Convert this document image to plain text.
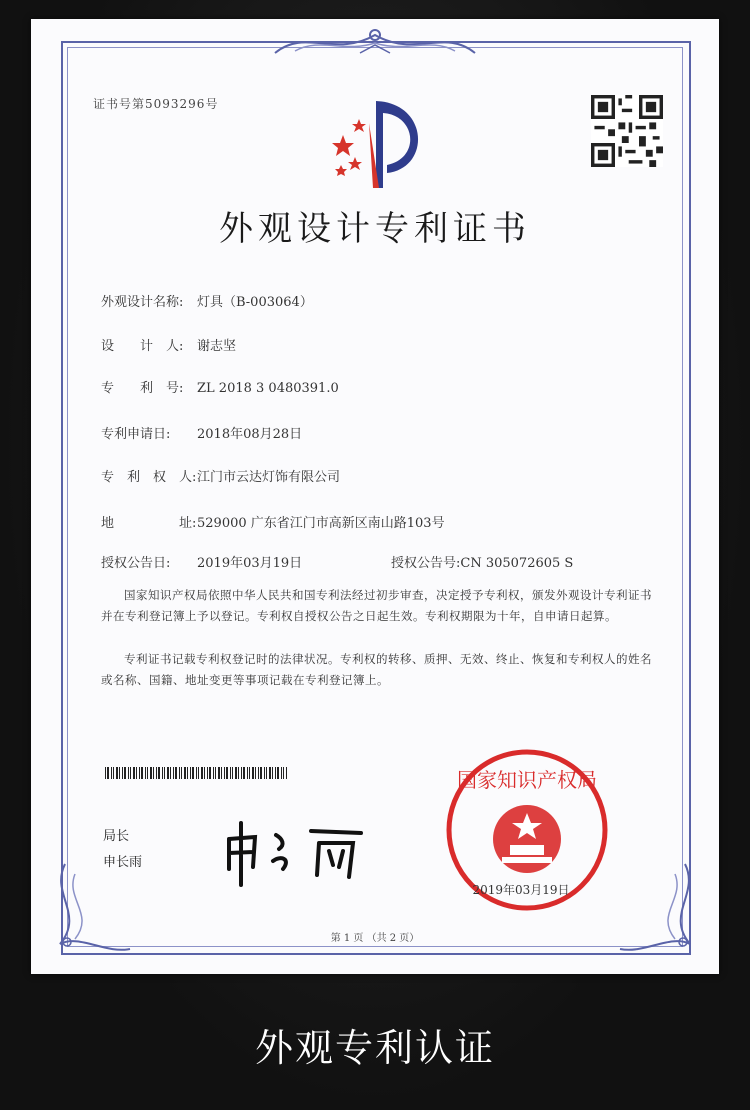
证书号第5093296号
外观设计专利证书
外观设计名称: 灯具（B-003064）
设　　计　人: 谢志坚
专　　利　号: ZL 2018 3 0480391.0
专利申请日: 2018年08月28日
专　利　权　人:江门市云达灯饰有限公司
地　　　　　址:529000 广东省江门市高新区南山路103号
授权公告日: 2019年03月19日	授权公告号:CN 305072605 S
国家知识产权局依照中华人民共和国专利法经过初步审查，决定授予专利权，颁发外观设计专利证书并在专利登记簿上予以登记。专利权自授权公告之日起生效。专利权期限为十年，自申请日起算。
专利证书记载专利权登记时的法律状况。专利权的转移、质押、无效、终止、恢复和专利权人的姓名或名称、国籍、地址变更等事项记载在专利登记簿上。
局长
申长雨
国家知识产权局
2019年03月19日
第 1 页 （共 2 页）
外观专利认证
